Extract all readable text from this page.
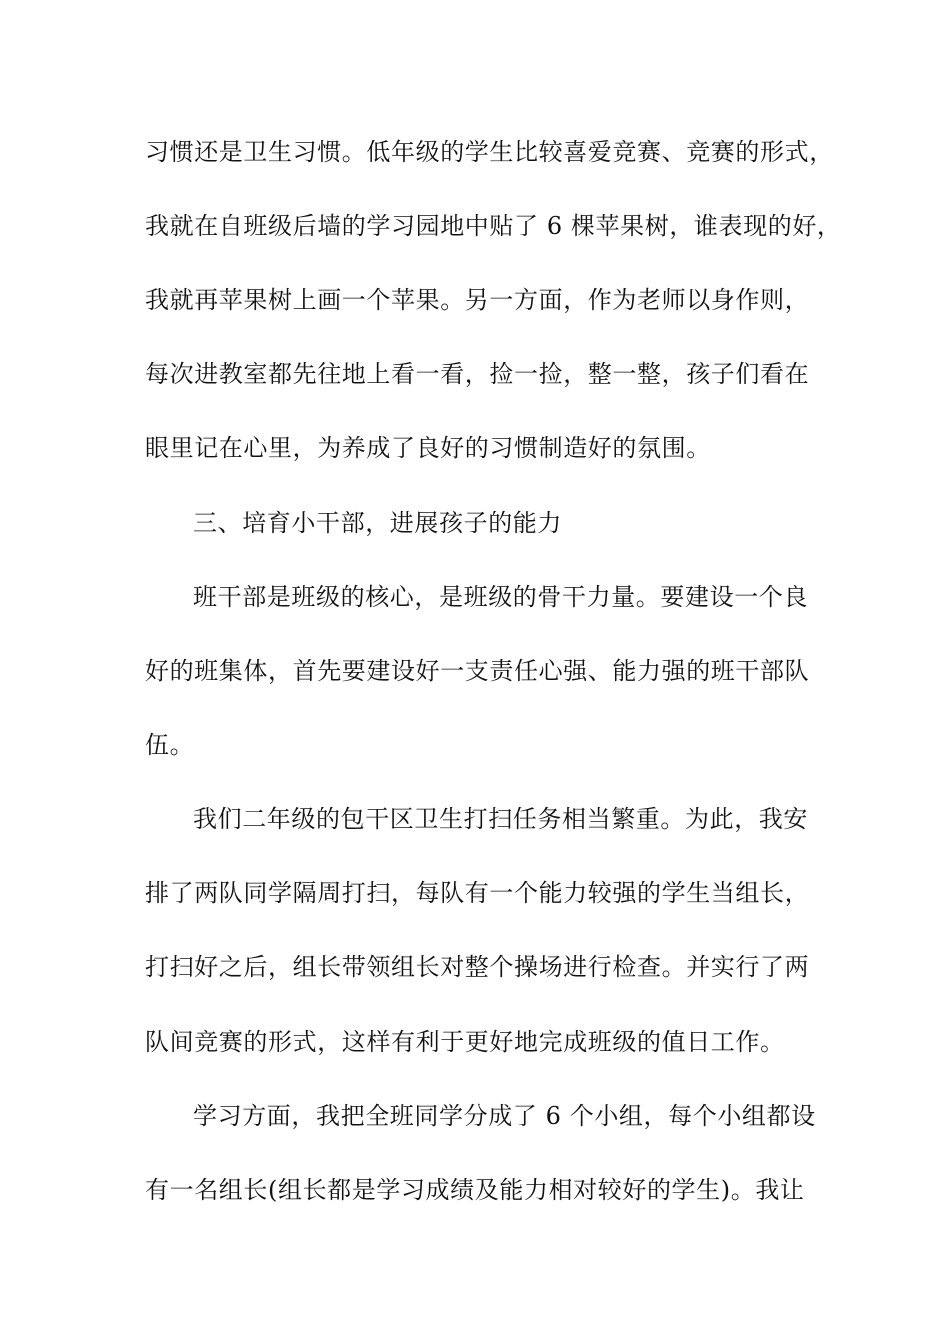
习惯还是卫生习惯。低年级的学生比较喜爱竞赛、竞赛的形式，
我就在自班级后墙的学习园地中贴了 6 棵苹果树，谁表现的好，
我就再苹果树上画一个苹果。另一方面，作为老师以身作则，
每次进教室都先往地上看一看，捡一捡，整一整，孩子们看在
眼里记在心里，为养成了良好的习惯制造好的氛围。
三、培育小干部，进展孩子的能力
班干部是班级的核心，是班级的骨干力量。要建设一个良
好的班集体，首先要建设好一支责任心强、能力强的班干部队
伍。
我们二年级的包干区卫生打扫任务相当繁重。为此，我安
排了两队同学隔周打扫，每队有一个能力较强的学生当组长，
打扫好之后，组长带领组长对整个操场进行检查。并实行了两
队间竞赛的形式，这样有利于更好地完成班级的值日工作。
学习方面，我把全班同学分成了 6 个小组，每个小组都设
有一名组长(组长都是学习成绩及能力相对较好的学生)。我让
